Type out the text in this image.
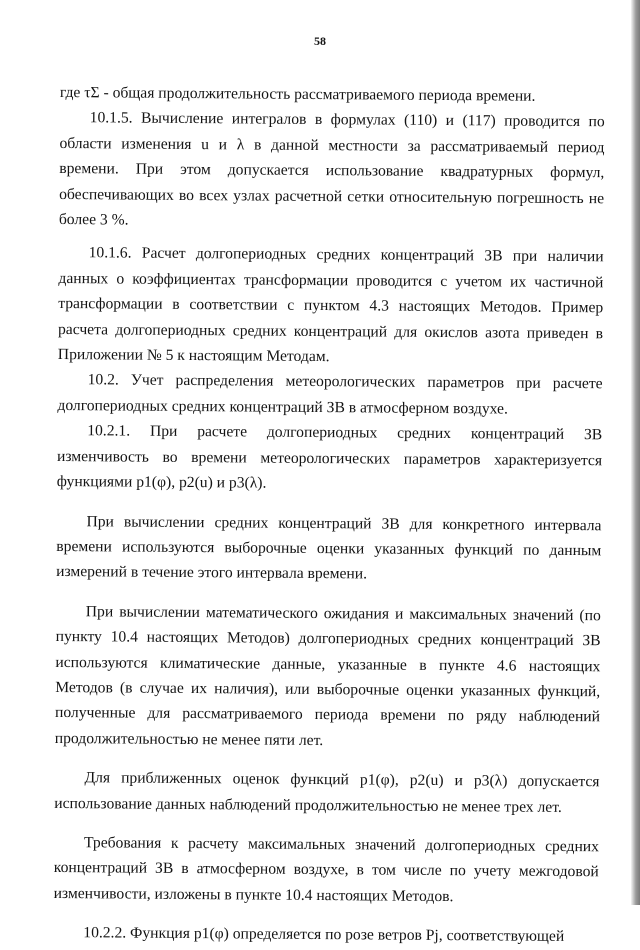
58

где τΣ - общая продолжительность рассматриваемого периода времени.

10.1.5. Вычисление интегралов в формулах (110) и (117) проводится по области изменения u и λ в данной местности за рассматриваемый период времени. При этом допускается использование квадратурных формул, обеспечивающих во всех узлах расчетной сетки относительную погрешность не более 3 %.

10.1.6. Расчет долгопериодных средних концентраций ЗВ при наличии данных о коэффициентах трансформации проводится с учетом их частичной трансформации в соответствии с пунктом 4.3 настоящих Методов. Пример расчета долгопериодных средних концентраций для окислов азота приведен в Приложении № 5 к настоящим Методам.

10.2. Учет распределения метеорологических параметров при расчете долгопериодных средних концентраций ЗВ в атмосферном воздухе.

10.2.1. При расчете долгопериодных средних концентраций ЗВ изменчивость во времени метеорологических параметров характеризуется функциями p1(φ), p2(u) и p3(λ).

При вычислении средних концентраций ЗВ для конкретного интервала времени используются выборочные оценки указанных функций по данным измерений в течение этого интервала времени.

При вычислении математического ожидания и максимальных значений (по пункту 10.4 настоящих Методов) долгопериодных средних концентраций ЗВ используются климатические данные, указанные в пункте 4.6 настоящих Методов (в случае их наличия), или выборочные оценки указанных функций, полученные для рассматриваемого периода времени по ряду наблюдений продолжительностью не менее пяти лет.

Для приближенных оценок функций p1(φ), p2(u) и p3(λ) допускается использование данных наблюдений продолжительностью не менее трех лет.

Требования к расчету максимальных значений долгопериодных средних концентраций ЗВ в атмосферном воздухе, в том числе по учету межгодовой изменчивости, изложены в пункте 10.4 настоящих Методов.

10.2.2. Функция p1(φ) определяется по розе ветров Pj, соответствующей
